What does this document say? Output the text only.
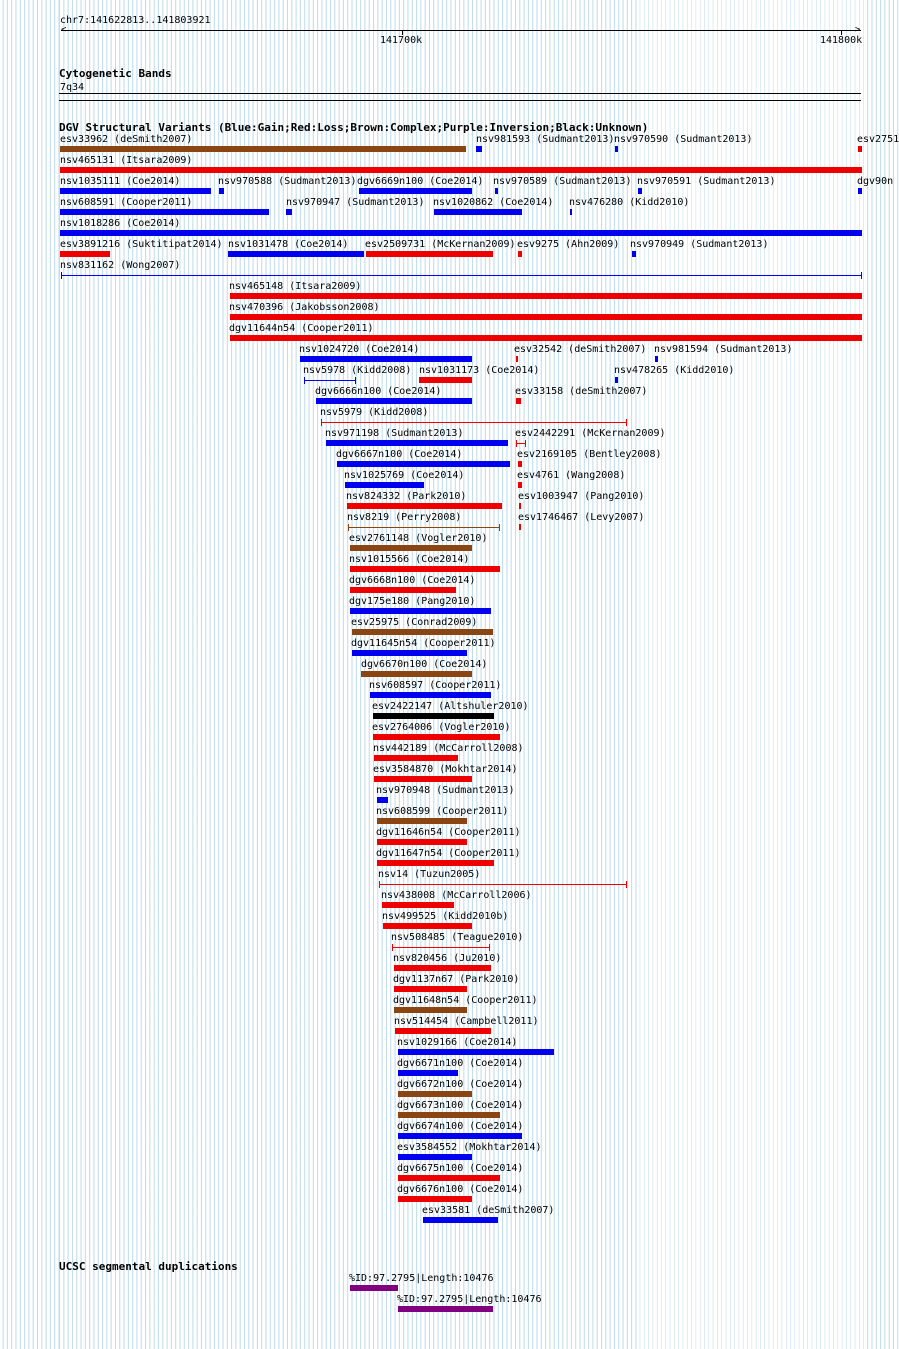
chr7:141622813..141803921
<	>
141700k	141800k
Cytogenetic Bands
7q34
DGV Structural Variants (Blue:Gain;Red:Loss;Brown:Complex;Purple:Inversion;Black:Unknown)
esv33962 (deSmith2007)	nsv981593 (Sudmant2013) nsv970590 (Sudmant2013)	esv2751
nsv465131 (Itsara2009)
nsv1035111 (Coe2014)	nsv970588 (Sudmant2013) dgv6669n100 (Coe2014) nsv970589 (Sudmant2013) nsv970591 (Sudmant2013)	dgv90n
nsv608591 (Cooper2011)	nsv970947 (Sudmant2013) nsv1020862 (Coe2014) nsv476280 (Kidd2010)
nsv1018286 (Coe2014)
esv3891216 (Suktitipat2014) nsv1031478 (Coe2014) esv2509731 (McKernan2009) esv9275 (Ahn2009) nsv970949 (Sudmant2013)
nsv831162 (Wong2007)
nsv465148 (Itsara2009)
nsv470396 (Jakobsson2008)
dgv11644n54 (Cooper2011)
nsv1024720 (Coe2014)	esv32542 (deSmith2007) nsv981594 (Sudmant2013)
nsv5978 (Kidd2008) nsv1031173 (Coe2014)	nsv478265 (Kidd2010)
dgv6666n100 (Coe2014)	esv33158 (deSmith2007)
nsv5979 (Kidd2008)
nsv971198 (Sudmant2013)	esv2442291 (McKernan2009)
dgv6667n100 (Coe2014)	esv2169105 (Bentley2008)
nsv1025769 (Coe2014)	esv4761 (Wang2008)
nsv824332 (Park2010)	esv1003947 (Pang2010)
nsv8219 (Perry2008)	esv1746467 (Levy2007)
esv2761148 (Vogler2010)
nsv1015566 (Coe2014)
dgv6668n100 (Coe2014)
dgv175e180 (Pang2010)
esv25975 (Conrad2009)
dgv11645n54 (Cooper2011)
dgv6670n100 (Coe2014)
nsv608597 (Cooper2011)
esv2422147 (Altshuler2010)
esv2764006 (Vogler2010)
nsv442189 (McCarroll2008)
esv3584870 (Mokhtar2014)
nsv970948 (Sudmant2013)
nsv608599 (Cooper2011)
dgv11646n54 (Cooper2011)
dgv11647n54 (Cooper2011)
nsv14 (Tuzun2005)
nsv438008 (McCarroll2006)
nsv499525 (Kidd2010b)
nsv508485 (Teague2010)
nsv820456 (Ju2010)
dgv1137n67 (Park2010)
dgv11648n54 (Cooper2011)
nsv514454 (Campbell2011)
nsv1029166 (Coe2014)
dgv6671n100 (Coe2014)
dgv6672n100 (Coe2014)
dgv6673n100 (Coe2014)
dgv6674n100 (Coe2014)
esv3584552 (Mokhtar2014)
dgv6675n100 (Coe2014)
dgv6676n100 (Coe2014)
esv33581 (deSmith2007)
UCSC segmental duplications
%ID:97.2795|Length:10476
%ID:97.2795|Length:10476
